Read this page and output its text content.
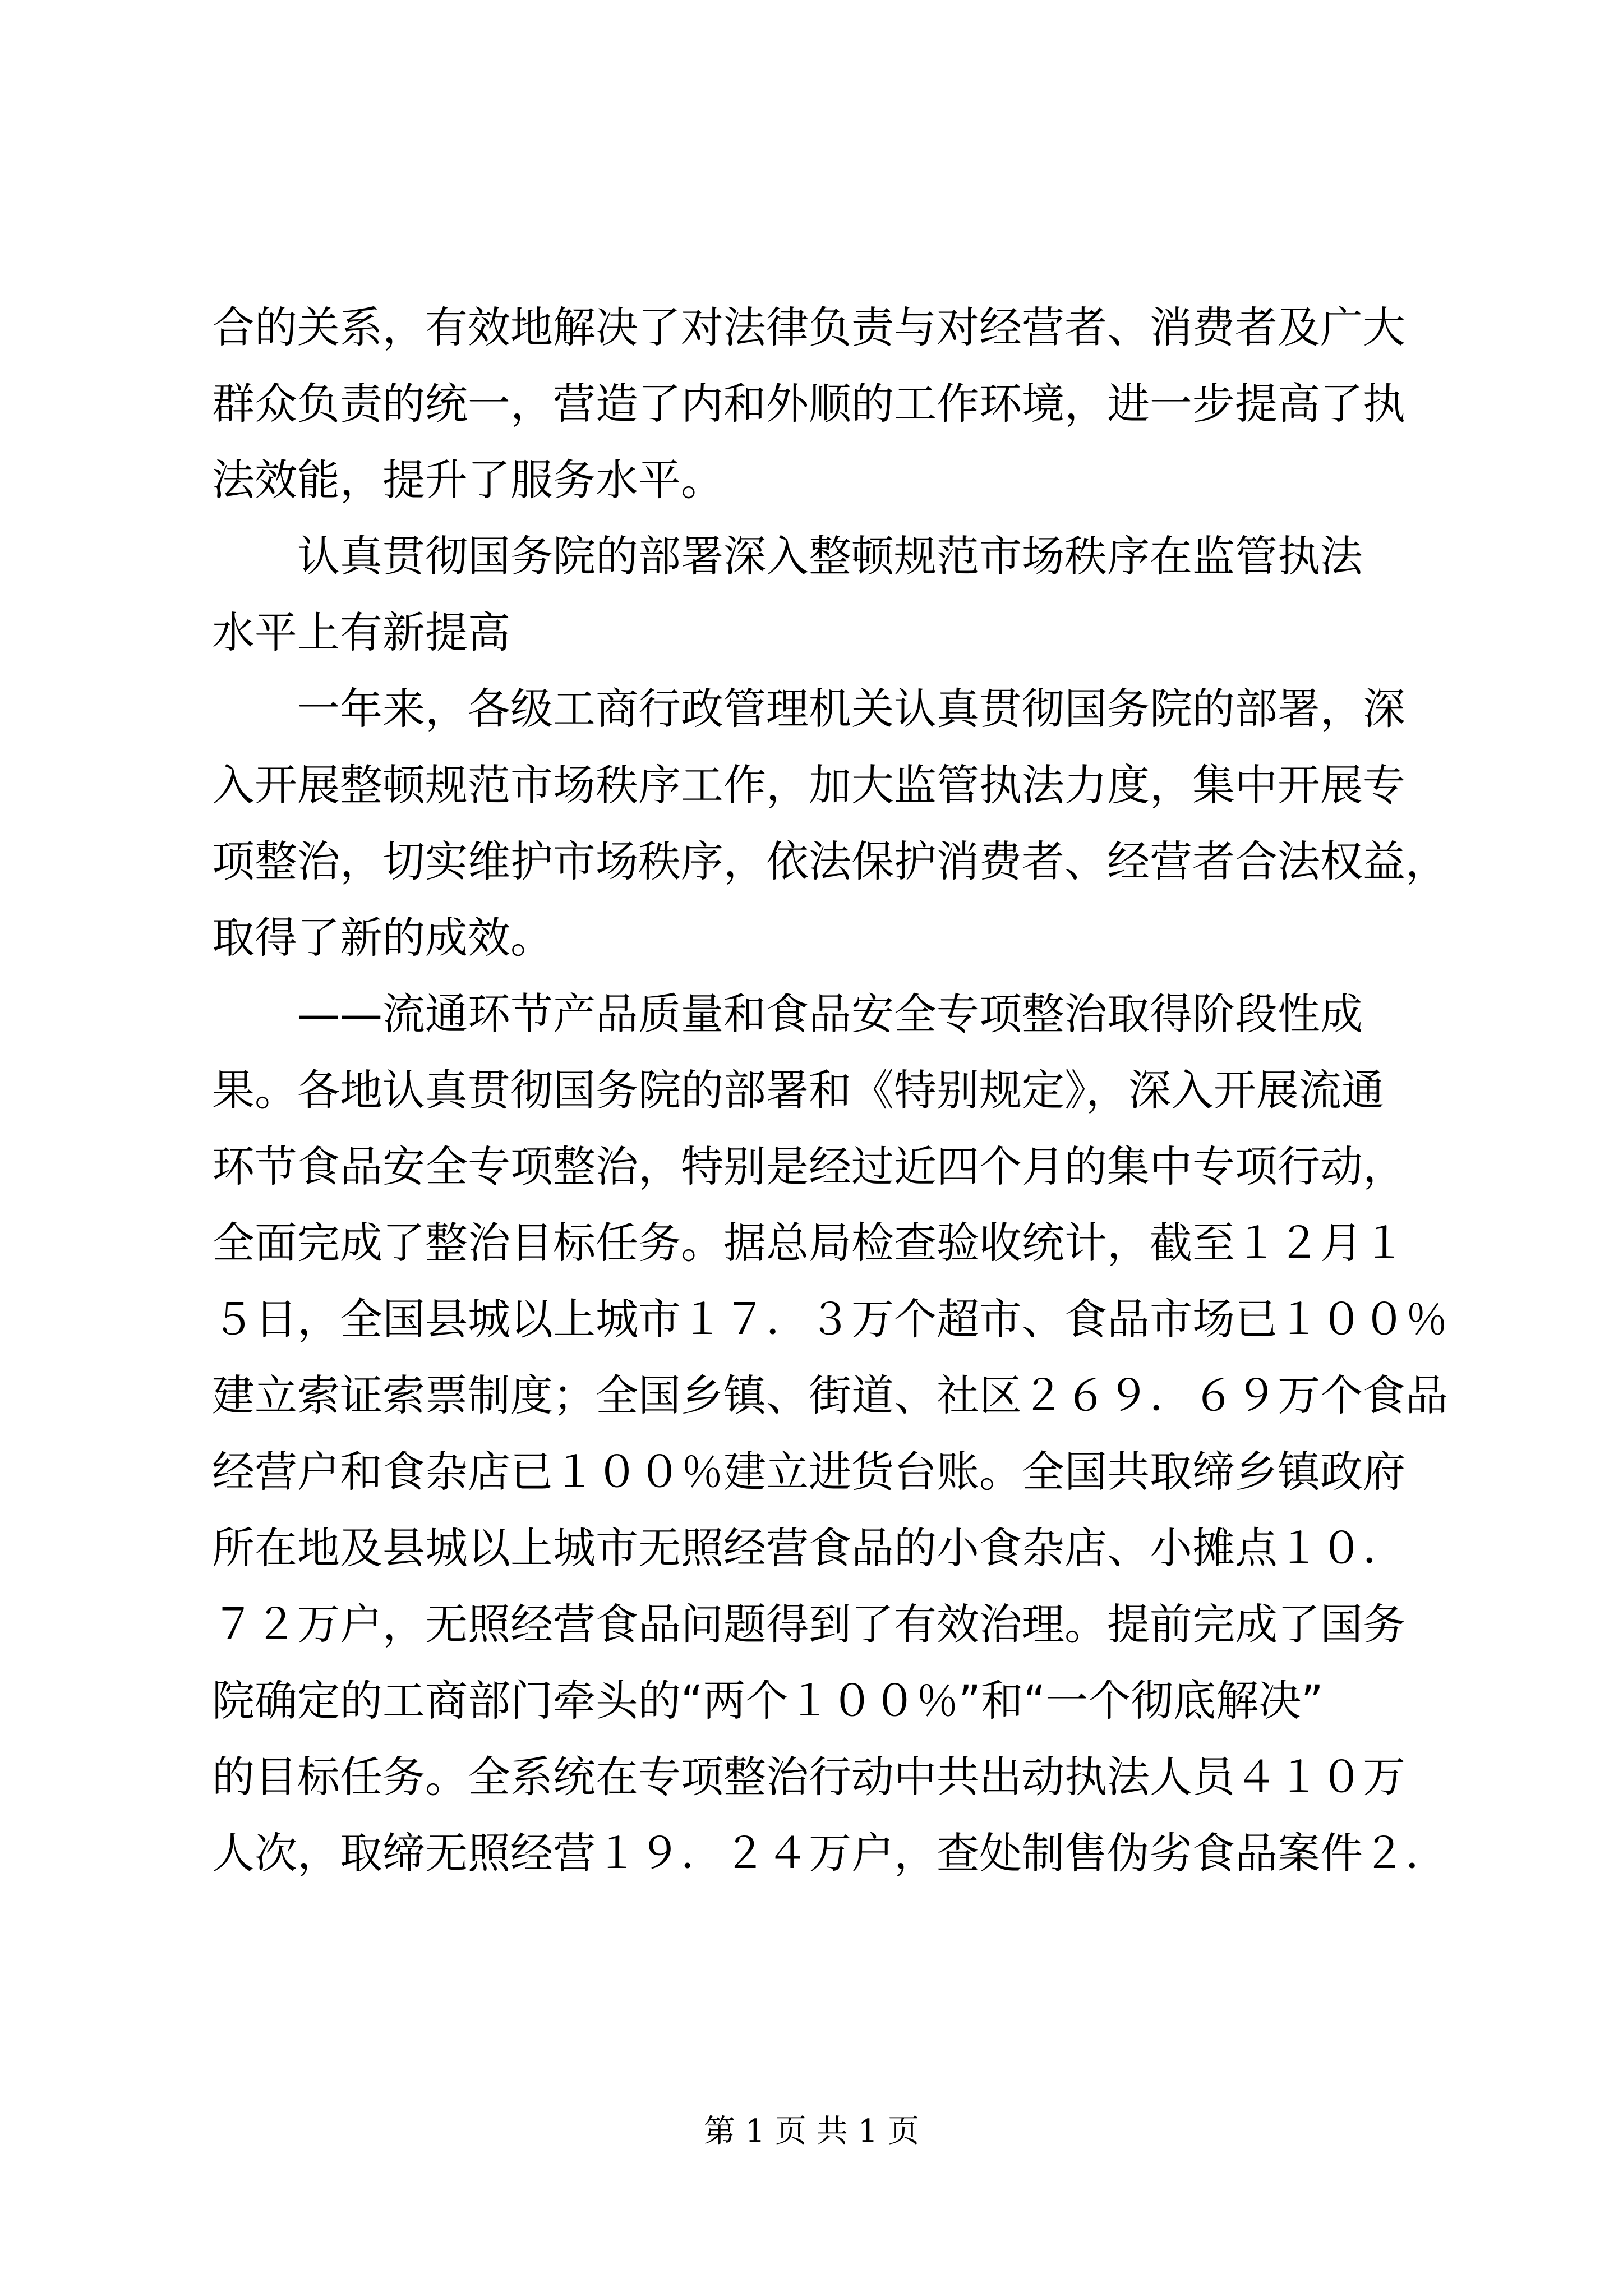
合的关系，有效地解决了对法律负责与对经营者、消费者及广大
群众负责的统一，营造了内和外顺的工作环境，进一步提高了执
法效能，提升了服务水平。
　　认真贯彻国务院的部署深入整顿规范市场秩序在监管执法
水平上有新提高
　　一年来，各级工商行政管理机关认真贯彻国务院的部署，深
入开展整顿规范市场秩序工作，加大监管执法力度，集中开展专
项整治，切实维护市场秩序，依法保护消费者、经营者合法权益，
取得了新的成效。
　　——流通环节产品质量和食品安全专项整治取得阶段性成
果。各地认真贯彻国务院的部署和《特别规定》，深入开展流通
环节食品安全专项整治，特别是经过近四个月的集中专项行动，
全面完成了整治目标任务。据总局检查验收统计，截至１２月１
５日，全国县城以上城市１７．３万个超市、食品市场已１００％
建立索证索票制度；全国乡镇、街道、社区２６９．６９万个食品
经营户和食杂店已１００％建立进货台账。全国共取缔乡镇政府
所在地及县城以上城市无照经营食品的小食杂店、小摊点１０．
７２万户，无照经营食品问题得到了有效治理。提前完成了国务
院确定的工商部门牵头的“两个１００％”和“一个彻底解决”
的目标任务。全系统在专项整治行动中共出动执法人员４１０万
人次，取缔无照经营１９．２４万户，查处制售伪劣食品案件２．
第 1 页 共 1 页
